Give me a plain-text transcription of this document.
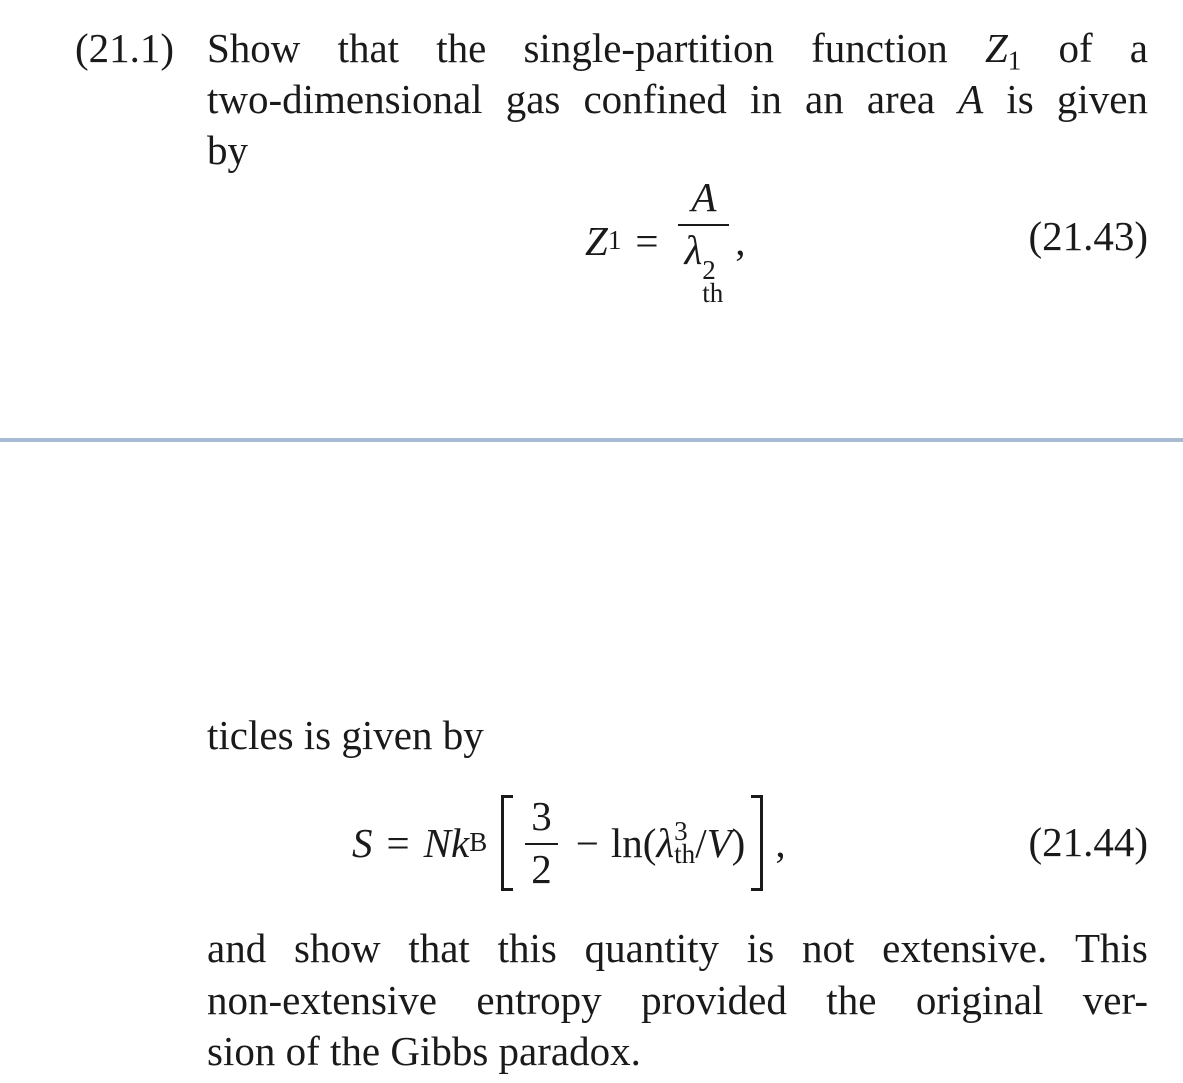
(21.1) Show that the single-partition function $Z_1$ of a
two-dimensional gas confined in an area A is given
by
Z 1 = A
λ 2
th ,	(21.43)
ticles is given by
S = N k B $\frac{3}{2} - \ln$( λ 3
th / V ) ,	(21.44)
and show that this quantity is not extensive. This
non-extensive entropy provided the original ver-
sion of the Gibbs paradox.
